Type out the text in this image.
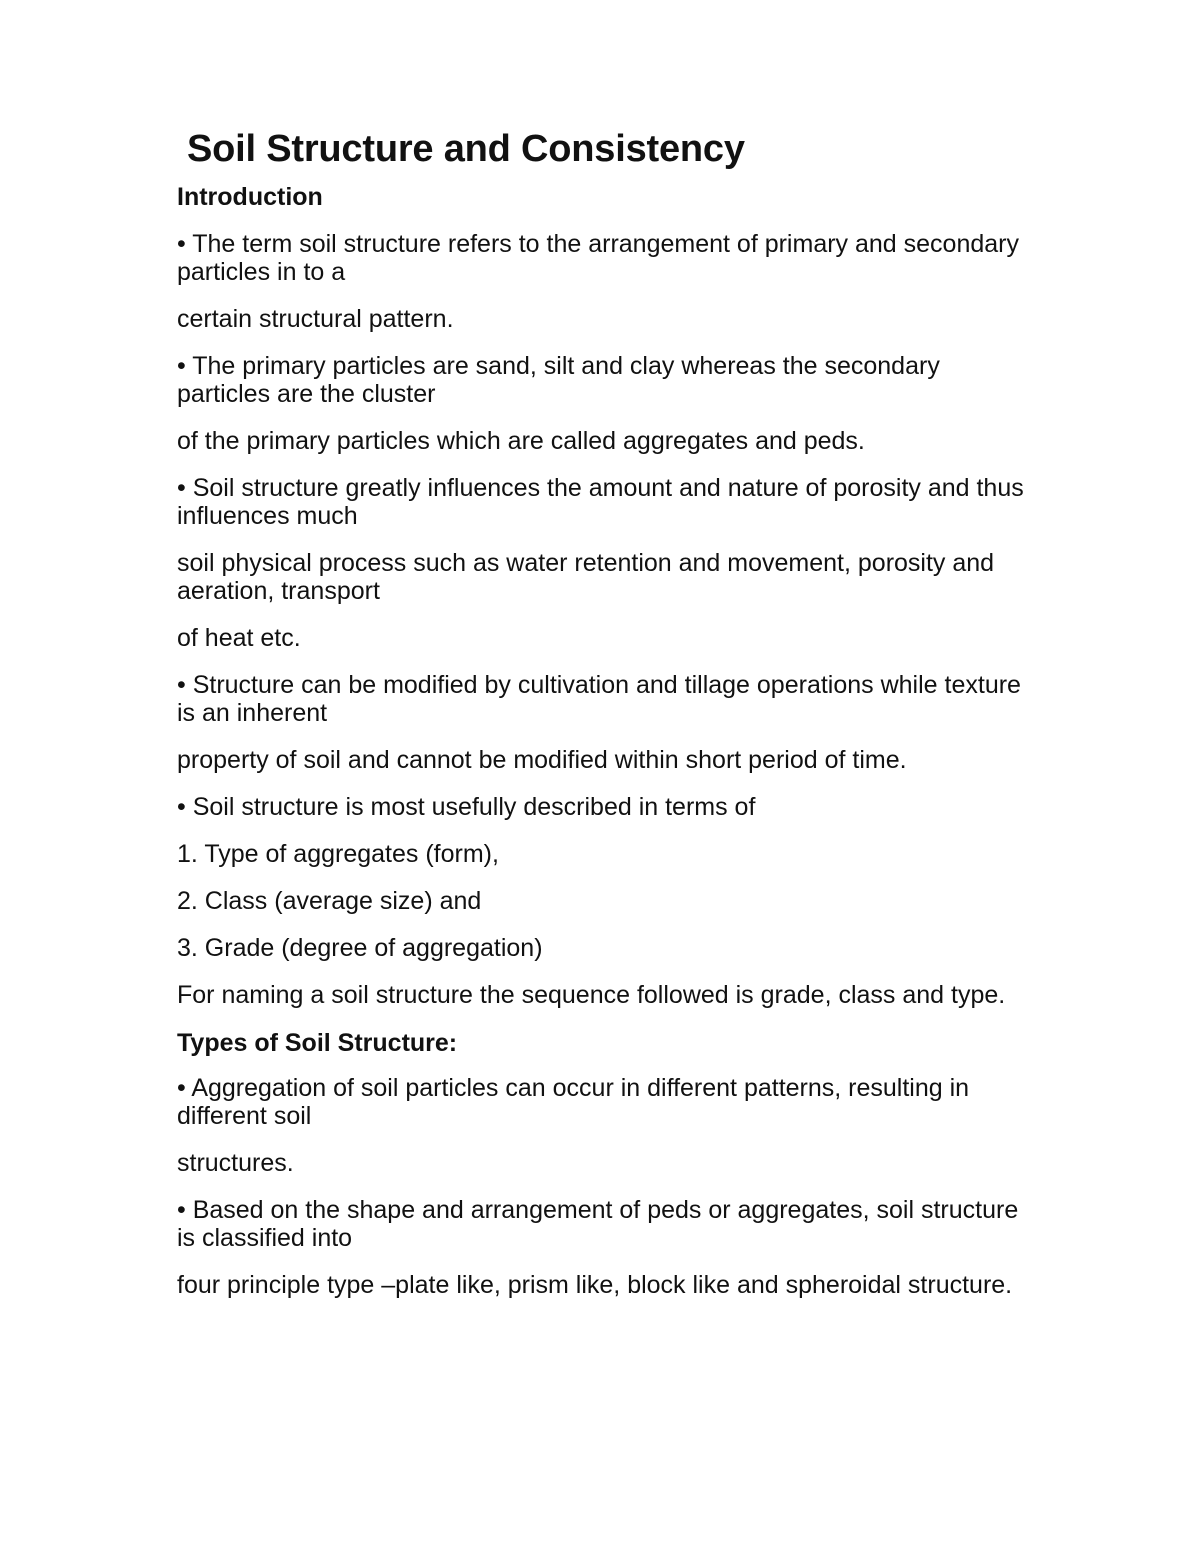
Soil Structure and Consistency
Introduction
• The term soil structure refers to the arrangement of primary and secondary particles in to a
certain structural pattern.
• The primary particles are sand, silt and clay whereas the secondary particles are the cluster
of the primary particles which are called aggregates and peds.
• Soil structure greatly influences the amount and nature of porosity and thus influences much
soil physical process such as water retention and movement, porosity and aeration, transport
of heat etc.
• Structure can be modified by cultivation and tillage operations while texture is an inherent
property of soil and cannot be modified within short period of time.
• Soil structure is most usefully described in terms of
1. Type of aggregates (form),
2. Class (average size) and
3. Grade (degree of aggregation)
For naming a soil structure the sequence followed is grade, class and type.
Types of Soil Structure:
• Aggregation of soil particles can occur in different patterns, resulting in different soil
structures.
• Based on the shape and arrangement of peds or aggregates, soil structure is classified into
four principle type –plate like, prism like, block like and spheroidal structure.
